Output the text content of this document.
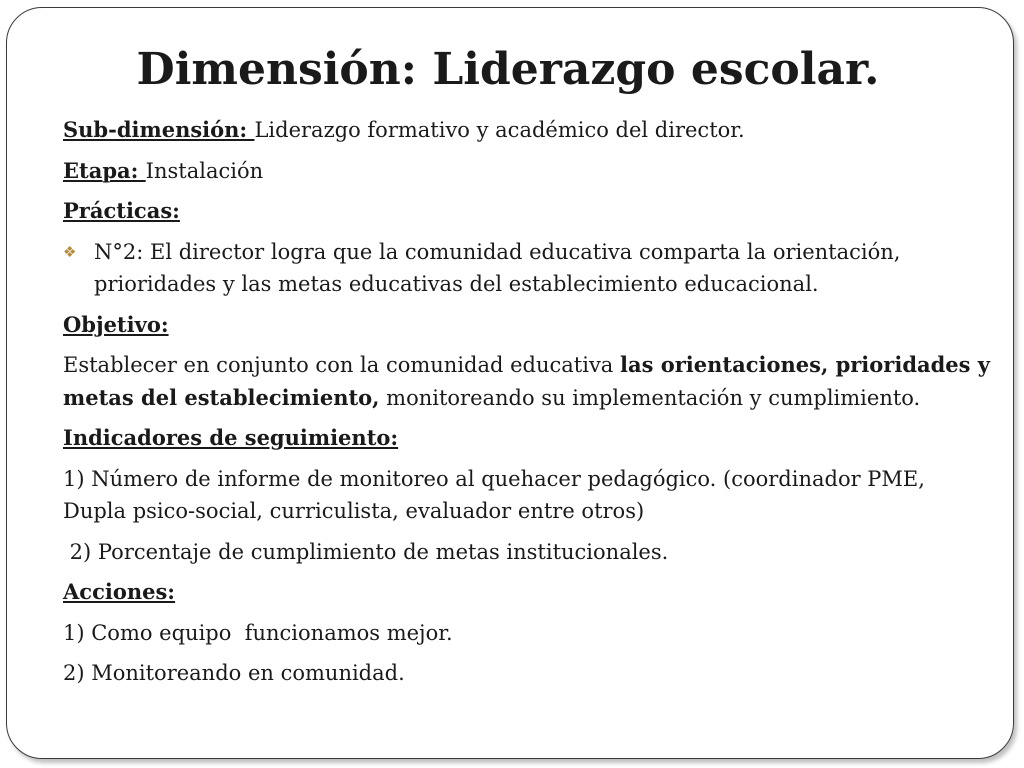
Dimensión: Liderazgo escolar.

Sub-dimensión: Liderazgo formativo y académico del director.

Etapa: Instalación

Prácticas:

❖ N°2: El director logra que la comunidad educativa comparta la orientación, prioridades y las metas educativas del establecimiento educacional.

Objetivo:

Establecer en conjunto con la comunidad educativa las orientaciones, prioridades y metas del establecimiento, monitoreando su implementación y cumplimiento.

Indicadores de seguimiento:

1) Número de informe de monitoreo al quehacer pedagógico. (coordinador PME, Dupla psico-social, curriculista, evaluador entre otros)

2) Porcentaje de cumplimiento de metas institucionales.

Acciones:

1) Como equipo  funcionamos mejor.

2) Monitoreando en comunidad.
